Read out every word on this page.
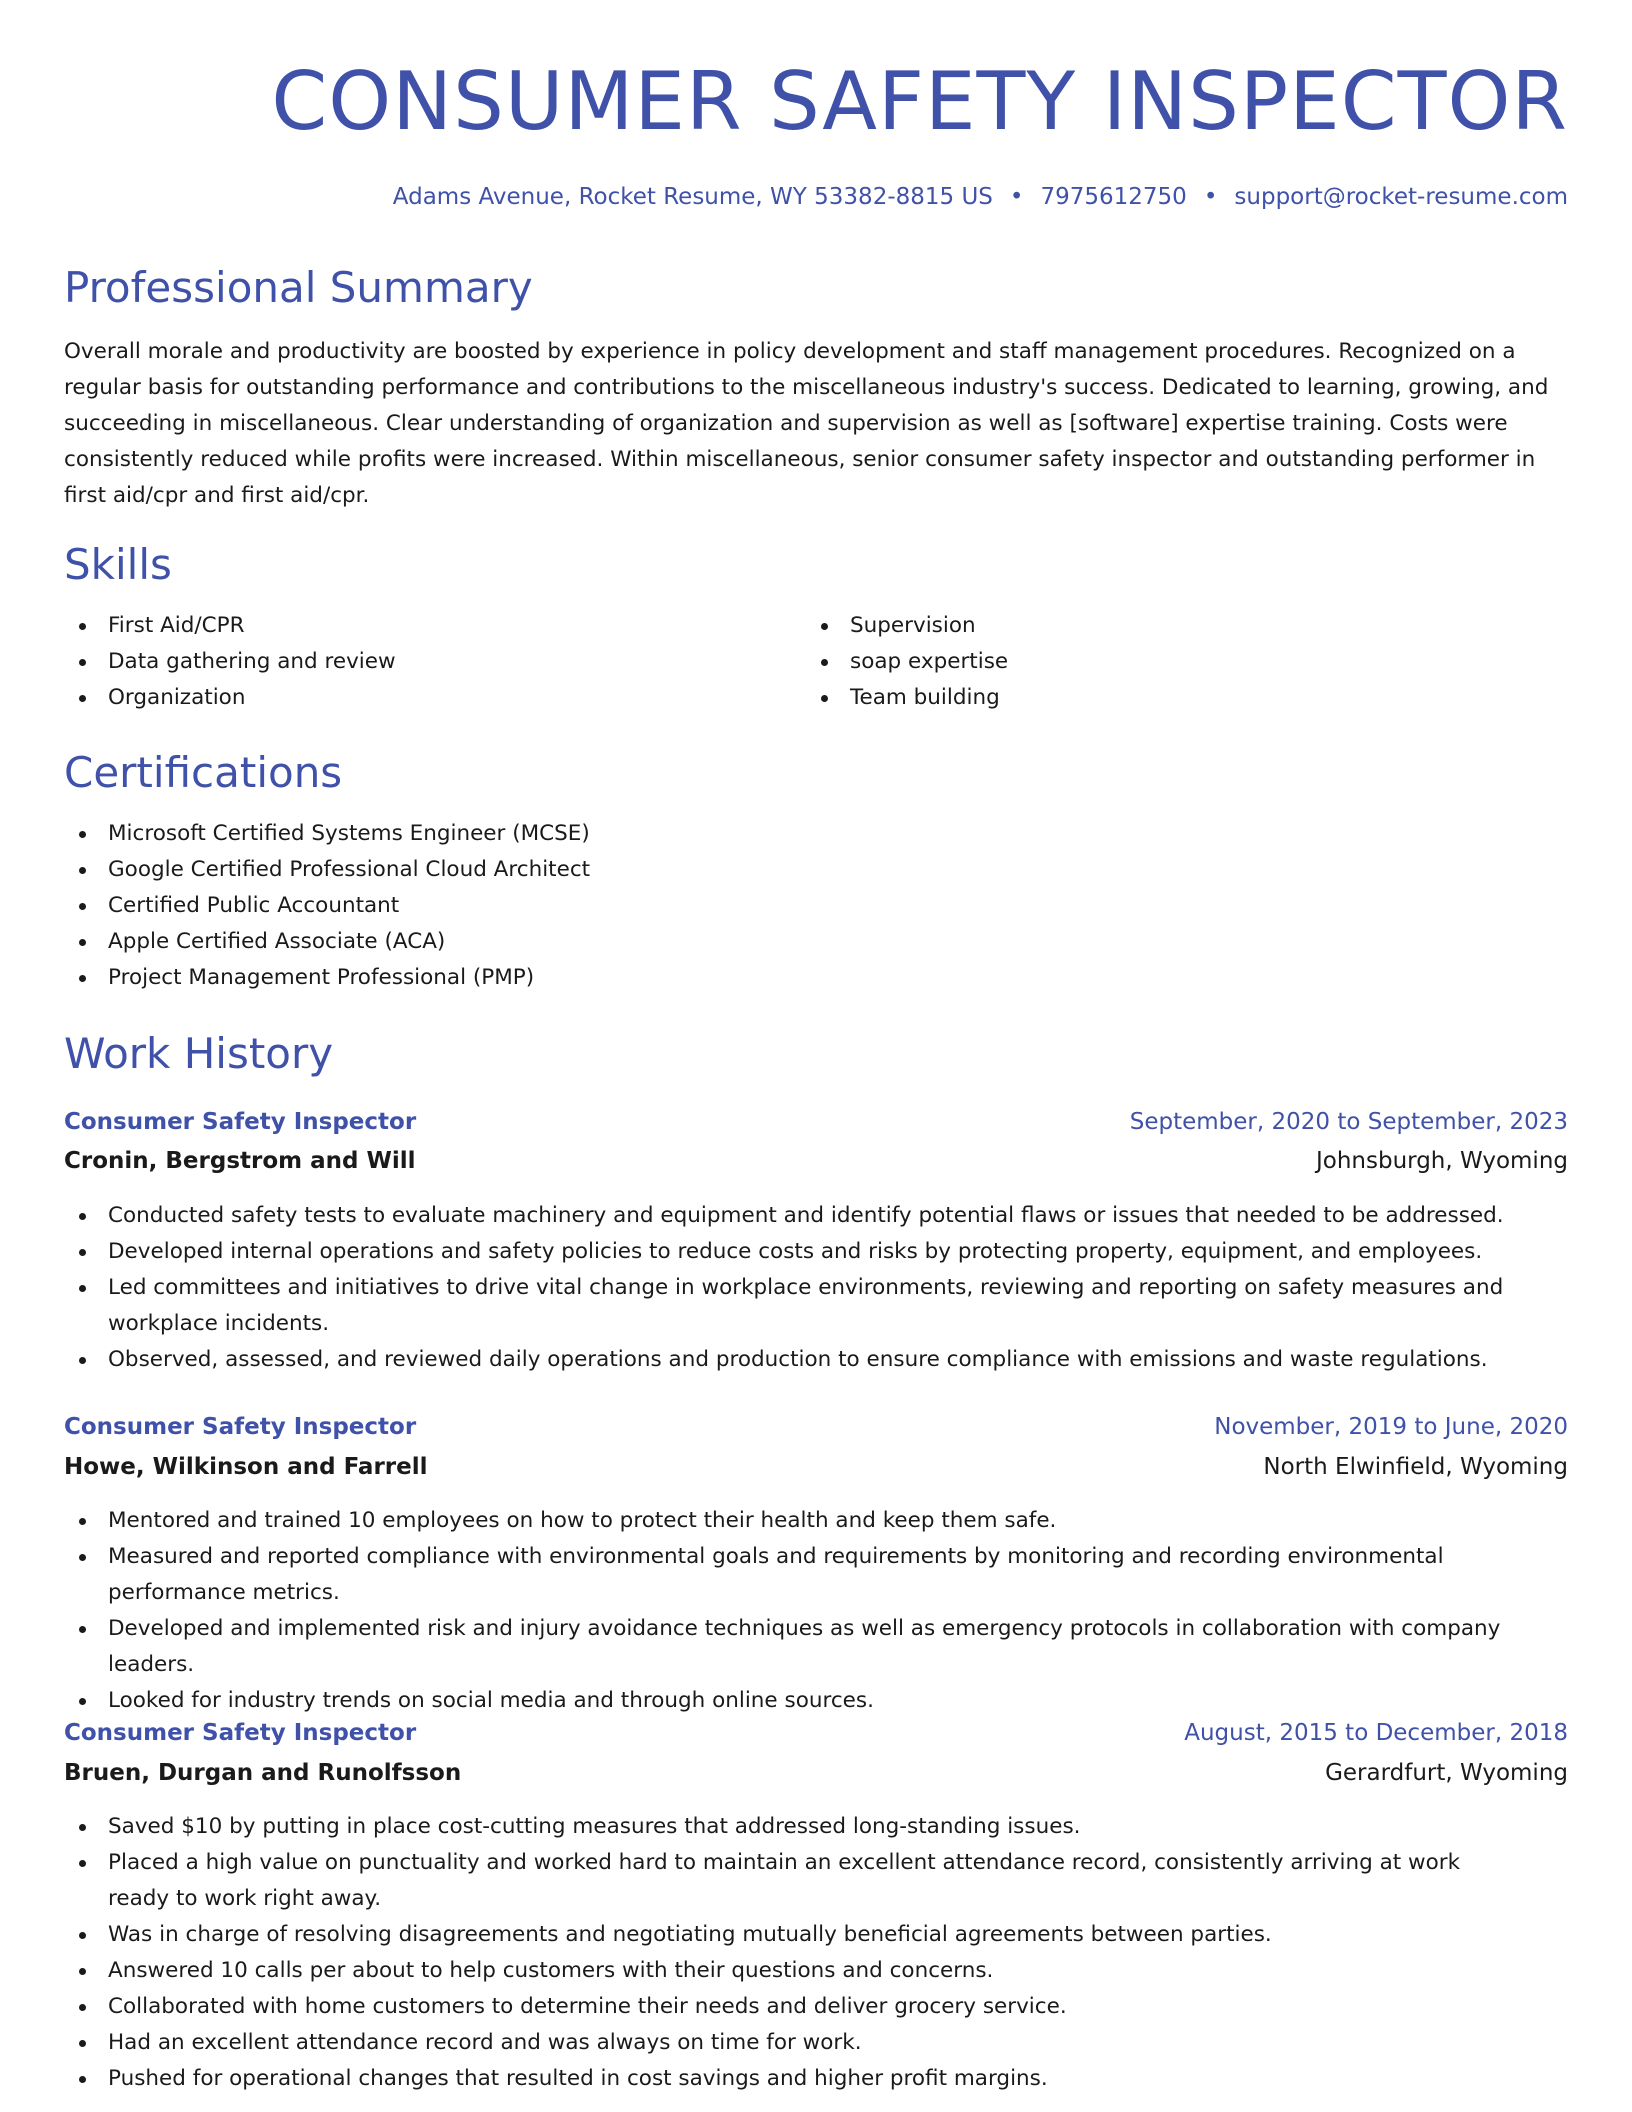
CONSUMER SAFETY INSPECTOR
Adams Avenue, Rocket Resume, WY 53382-8815 US • 7975612750 • support@rocket-resume.com
Professional Summary

Overall morale and productivity are boosted by experience in policy development and staff management procedures. Recognized on a regular basis for outstanding performance and contributions to the miscellaneous industry's success. Dedicated to learning, growing, and succeeding in miscellaneous. Clear understanding of organization and supervision as well as [software] expertise training. Costs were consistently reduced while profits were increased. Within miscellaneous, senior consumer safety inspector and outstanding performer in first aid/cpr and first aid/cpr.

Skills
First Aid/CPR
Data gathering and review
Organization
Supervision
soap expertise
Team building
Certifications
Microsoft Certified Systems Engineer (MCSE)
Google Certified Professional Cloud Architect
Certified Public Accountant
Apple Certified Associate (ACA)
Project Management Professional (PMP)
Work History
Consumer Safety Inspector	September, 2020 to September, 2023
Cronin, Bergstrom and Will	Johnsburgh, Wyoming
Conducted safety tests to evaluate machinery and equipment and identify potential flaws or issues that needed to be addressed.
Developed internal operations and safety policies to reduce costs and risks by protecting property, equipment, and employees.
Led committees and initiatives to drive vital change in workplace environments, reviewing and reporting on safety measures and workplace incidents.
Observed, assessed, and reviewed daily operations and production to ensure compliance with emissions and waste regulations.
Consumer Safety Inspector	November, 2019 to June, 2020
Howe, Wilkinson and Farrell	North Elwinfield, Wyoming
Mentored and trained 10 employees on how to protect their health and keep them safe.
Measured and reported compliance with environmental goals and requirements by monitoring and recording environmental performance metrics.
Developed and implemented risk and injury avoidance techniques as well as emergency protocols in collaboration with company leaders.
Looked for industry trends on social media and through online sources.
Consumer Safety Inspector	August, 2015 to December, 2018
Bruen, Durgan and Runolfsson	Gerardfurt, Wyoming
Saved $10 by putting in place cost-cutting measures that addressed long-standing issues.
Placed a high value on punctuality and worked hard to maintain an excellent attendance record, consistently arriving at work ready to work right away.
Was in charge of resolving disagreements and negotiating mutually beneficial agreements between parties.
Answered 10 calls per about to help customers with their questions and concerns.
Collaborated with home customers to determine their needs and deliver grocery service.
Had an excellent attendance record and was always on time for work.
Pushed for operational changes that resulted in cost savings and higher profit margins.
